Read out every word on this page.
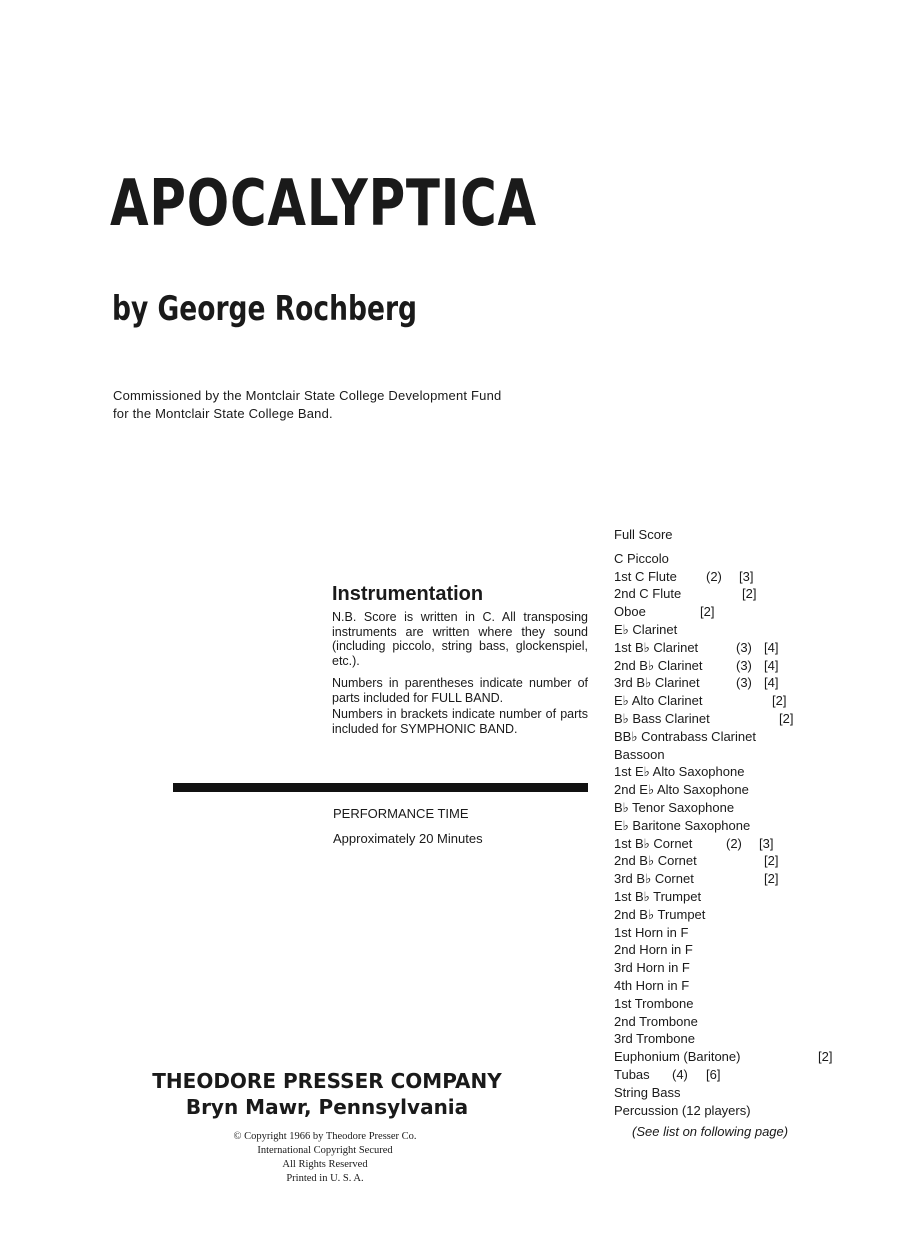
APOCALYPTICA
by George Rochberg
Commissioned by the Montclair State College Development Fund
for the Montclair State College Band.
Instrumentation

N.B. Score is written in C. All transposing instruments are written where they sound (including piccolo, string bass, glockenspiel, etc.).

Numbers in parentheses indicate number of parts included for FULL BAND.

Numbers in brackets indicate number of parts included for SYMPHONIC BAND.

PERFORMANCE TIME
Approximately 20 Minutes
Full Score
C Piccolo
1st C Flute (2) [3]
2nd C Flute	[2]
Oboe	[2]
E♭ Clarinet
1st B♭ Clarinet	(3) [4]
2nd B♭ Clarinet	(3) [4]
3rd B♭ Clarinet	(3) [4]
E♭ Alto Clarinet	[2]
B♭ Bass Clarinet	[2]
BB♭ Contrabass Clarinet
Bassoon
1st E♭ Alto Saxophone
2nd E♭ Alto Saxophone
B♭ Tenor Saxophone
E♭ Baritone Saxophone
1st B♭ Cornet	(2) [3]
2nd B♭ Cornet	[2]
3rd B♭ Cornet	[2]
1st B♭ Trumpet
2nd B♭ Trumpet
1st Horn in F
2nd Horn in F
3rd Horn in F
4th Horn in F
1st Trombone
2nd Trombone
3rd Trombone
Euphonium (Baritone)	[2]
Tubas (4) [6]
String Bass
Percussion (12 players)
(See list on following page)
THEODORE PRESSER COMPANY
Bryn Mawr, Pennsylvania
© Copyright 1966 by Theodore Presser Co.
International Copyright Secured
All Rights Reserved
Printed in U. S. A.
